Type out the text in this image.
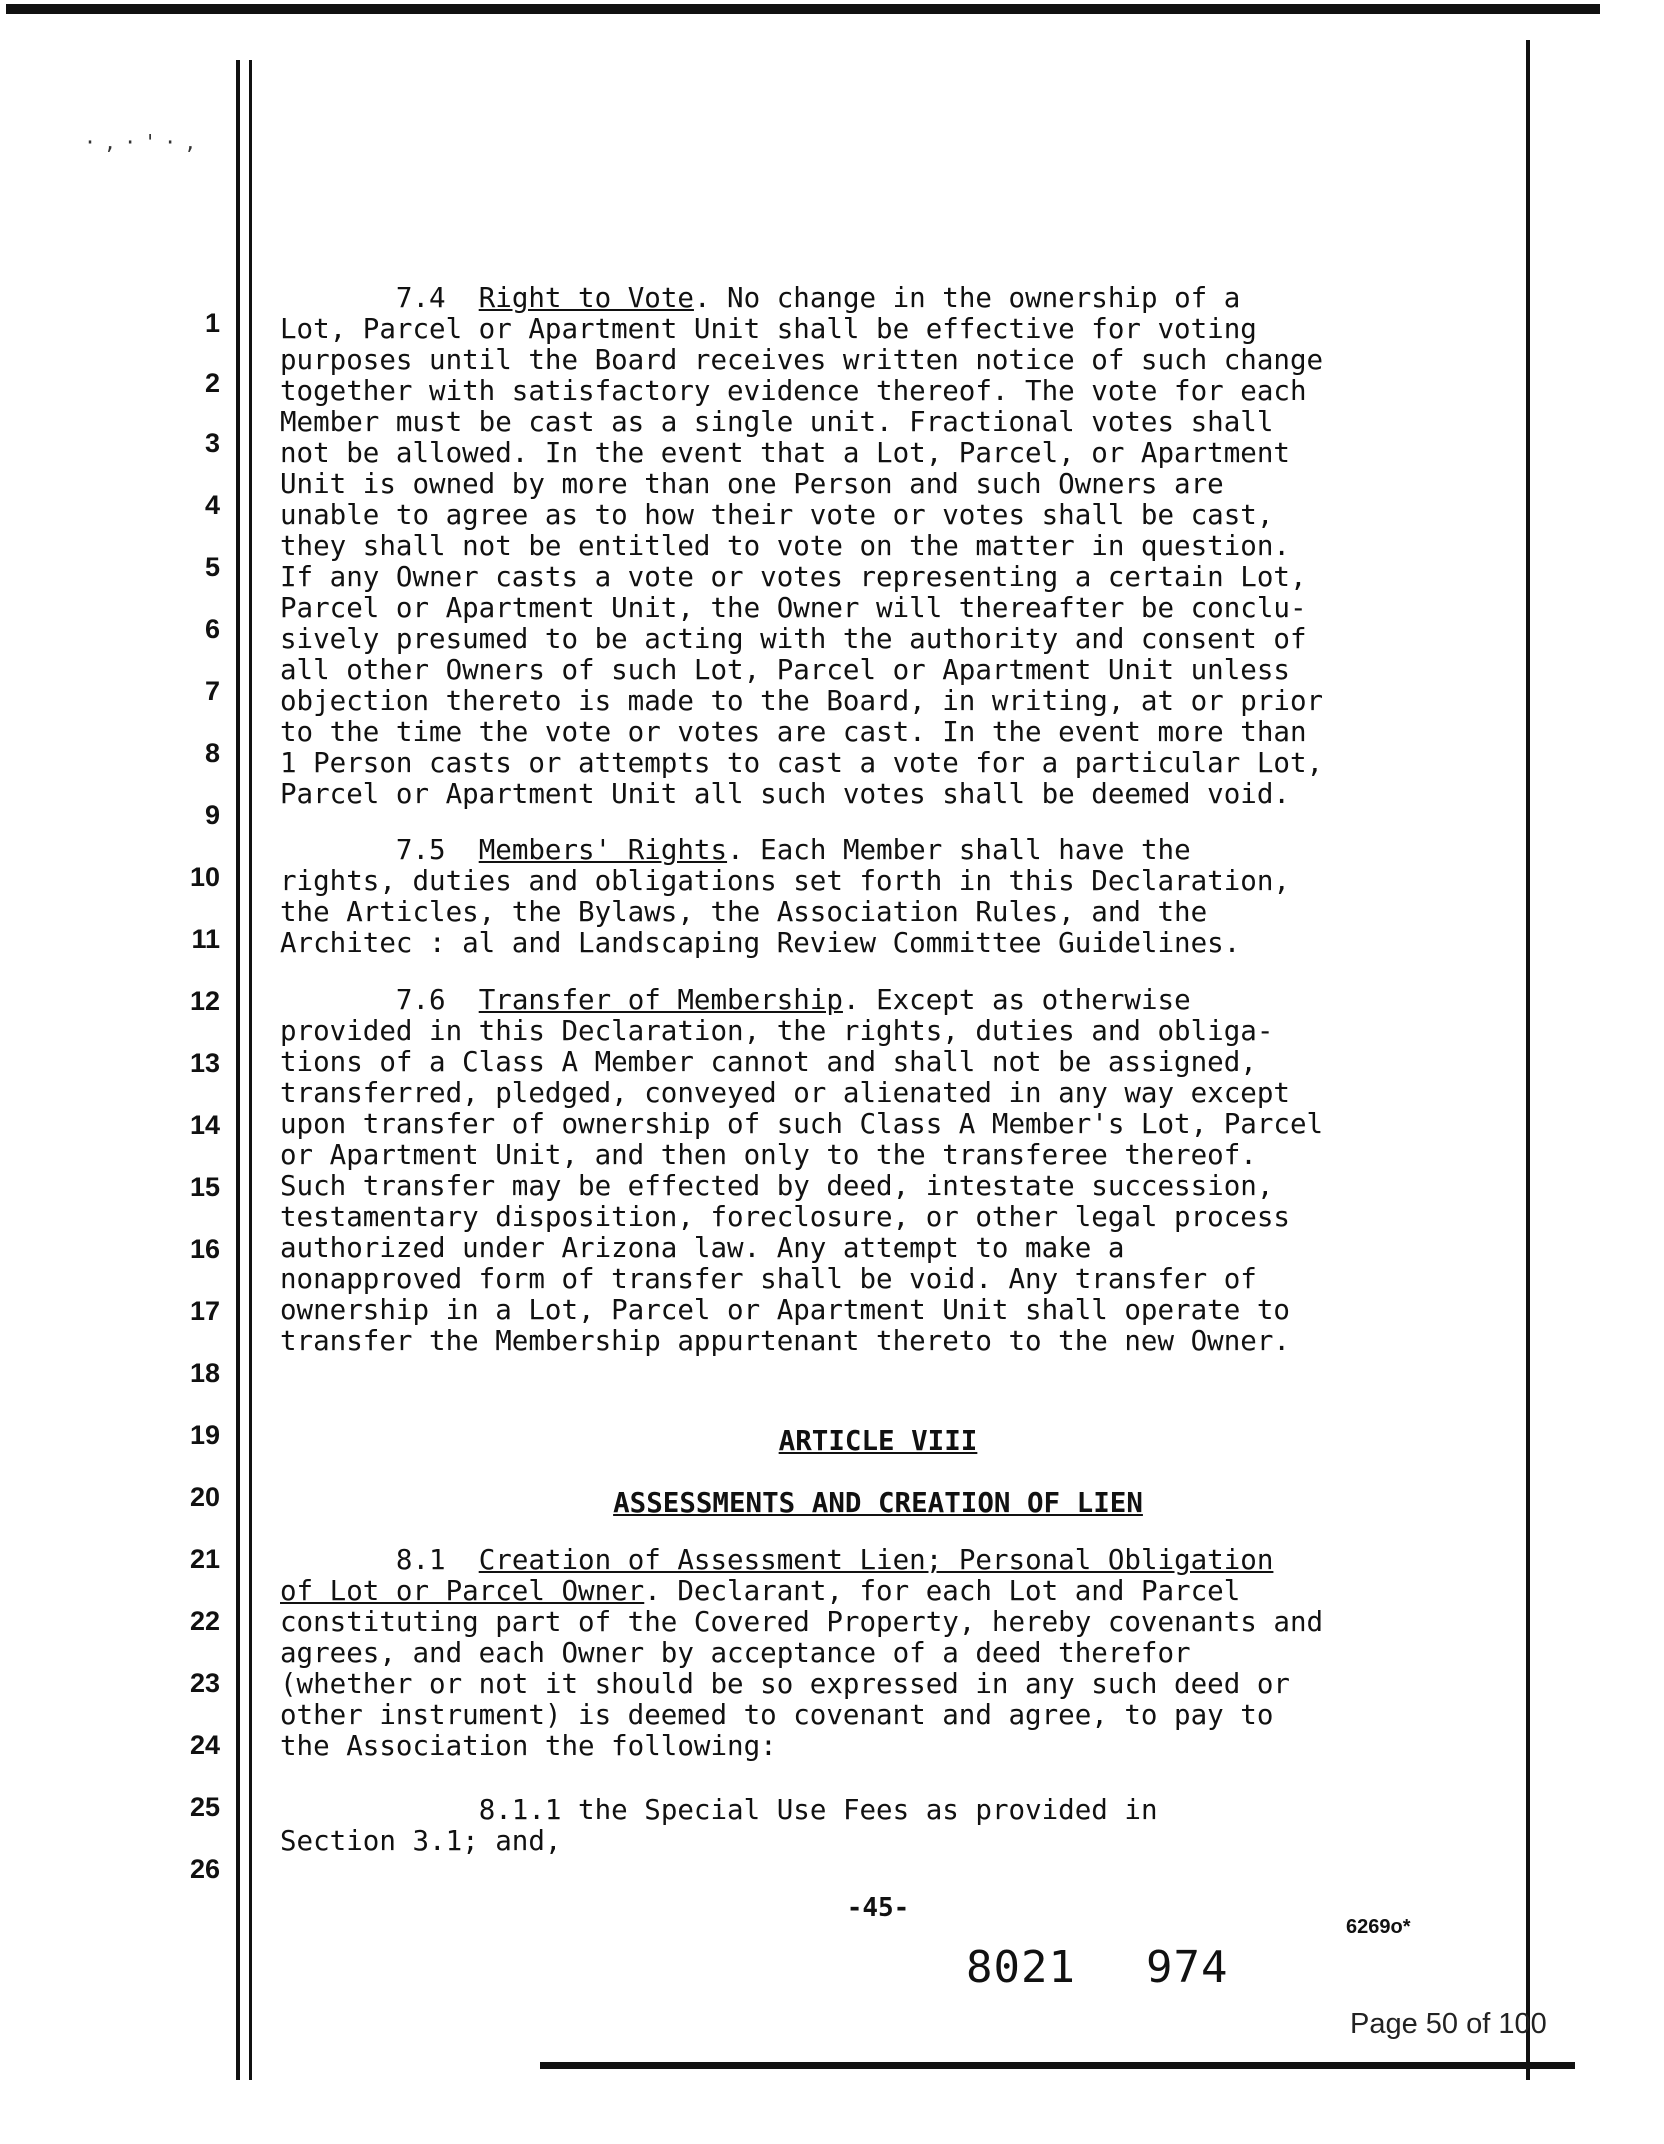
·,·'·,
1
2
3
4
5
6
7
8
9
10
11
12
13
14
15
16
17
18
19
20
21
22
23
24
25
26
7.4 Right to Vote. No change in the ownership of a
Lot, Parcel or Apartment Unit shall be effective for voting
purposes until the Board receives written notice of such change
together with satisfactory evidence thereof. The vote for each
Member must be cast as a single unit. Fractional votes shall
not be allowed. In the event that a Lot, Parcel, or Apartment
Unit is owned by more than one Person and such Owners are
unable to agree as to how their vote or votes shall be cast,
they shall not be entitled to vote on the matter in question.
If any Owner casts a vote or votes representing a certain Lot,
Parcel or Apartment Unit, the Owner will thereafter be conclu-
sively presumed to be acting with the authority and consent of
all other Owners of such Lot, Parcel or Apartment Unit unless
objection thereto is made to the Board, in writing, at or prior
to the time the vote or votes are cast. In the event more than
1 Person casts or attempts to cast a vote for a particular Lot,
Parcel or Apartment Unit all such votes shall be deemed void.
7.5 Members' Rights. Each Member shall have the
rights, duties and obligations set forth in this Declaration,
the Articles, the Bylaws, the Association Rules, and the
Architec : al and Landscaping Review Committee Guidelines.
7.6 Transfer of Membership. Except as otherwise
provided in this Declaration, the rights, duties and obliga-
tions of a Class A Member cannot and shall not be assigned,
transferred, pledged, conveyed or alienated in any way except
upon transfer of ownership of such Class A Member's Lot, Parcel
or Apartment Unit, and then only to the transferee thereof.
Such transfer may be effected by deed, intestate succession,
testamentary disposition, foreclosure, or other legal process
authorized under Arizona law. Any attempt to make a
nonapproved form of transfer shall be void. Any transfer of
ownership in a Lot, Parcel or Apartment Unit shall operate to
transfer the Membership appurtenant thereto to the new Owner.
ARTICLE VIII
ASSESSMENTS AND CREATION OF LIEN
8.1 Creation of Assessment Lien; Personal Obligation
of Lot or Parcel Owner. Declarant, for each Lot and Parcel
constituting part of the Covered Property, hereby covenants and
agrees, and each Owner by acceptance of a deed therefor
(whether or not it should be so expressed in any such deed or
other instrument) is deemed to covenant and agree, to pay to
the Association the following:
8.1.1 the Special Use Fees as provided in
Section 3.1; and,
-45-
6269o*
8021 974
Page 50 of 100
